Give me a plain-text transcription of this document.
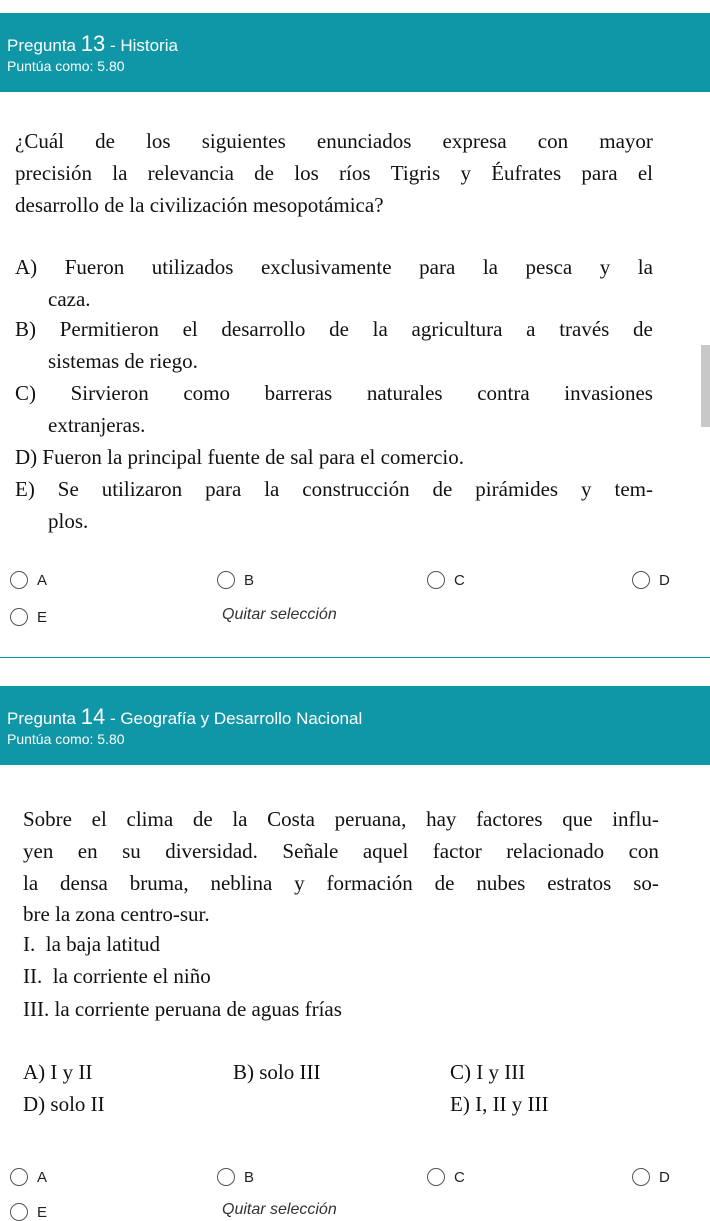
Pregunta 13 - Historia
Puntúa como: 5.80
¿Cuál de los siguientes enunciados expresa con mayor
precisión la relevancia de los ríos Tigris y Éufrates para el
desarrollo de la civilización mesopotámica?
A) Fueron utilizados exclusivamente para la pesca y la
caza.
B) Permitieron el desarrollo de la agricultura a través de
sistemas de riego.
C) Sirvieron como barreras naturales contra invasiones
extranjeras.
D) Fueron la principal fuente de sal para el comercio.
E) Se utilizaron para la construcción de pirámides y tem-
plos.
A	B	C	D
E	Quitar selección
Pregunta 14 - Geografía y Desarrollo Nacional
Puntúa como: 5.80
Sobre el clima de la Costa peruana, hay factores que influ-
yen en su diversidad. Señale aquel factor relacionado con
la densa bruma, neblina y formación de nubes estratos so-
bre la zona centro-sur.
I.  la baja latitud
II.  la corriente el niño
III. la corriente peruana de aguas frías
A) I y II	B) solo III	C) I y III
D) solo II	E) I, II y III
A	B	C	D
E	Quitar selección
